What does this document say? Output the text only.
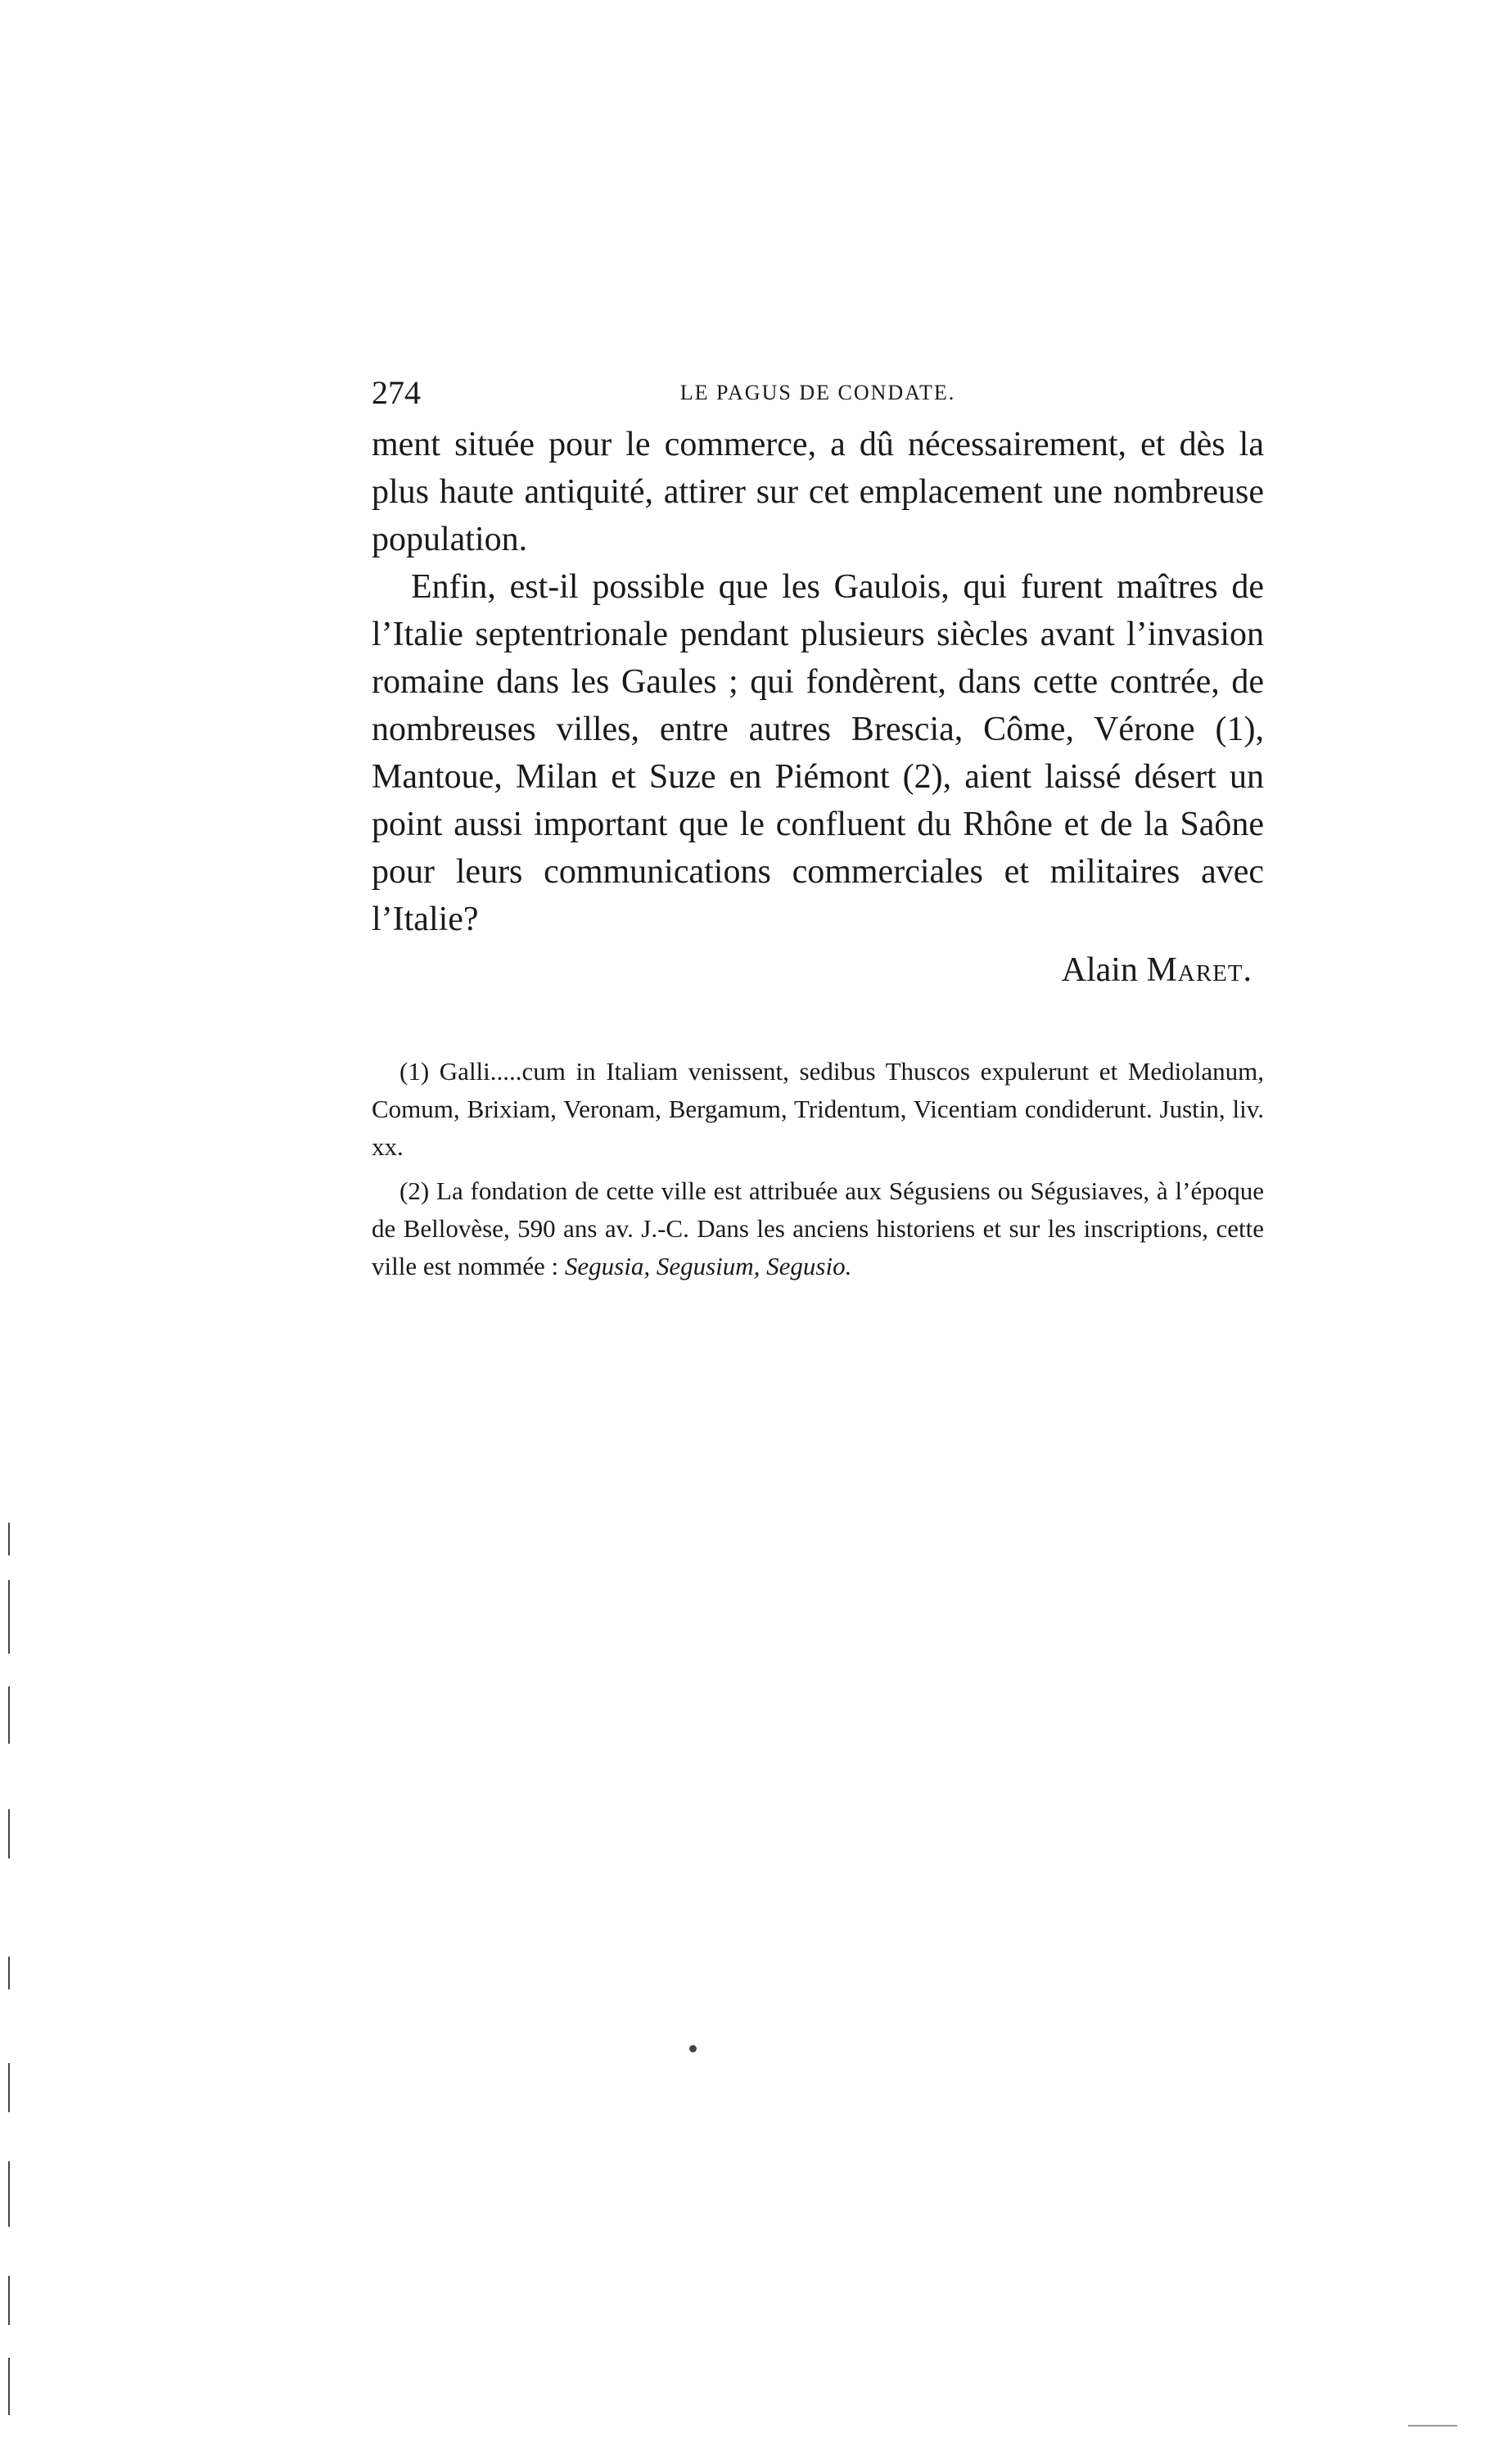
274	LE PAGUS DE CONDATE.

ment située pour le commerce, a dû nécessairement, et dès la plus haute antiquité, attirer sur cet emplacement une nombreuse population.

Enfin, est-il possible que les Gaulois, qui furent maîtres de l’Italie septentrionale pendant plusieurs siècles avant l’invasion romaine dans les Gaules ; qui fondèrent, dans cette contrée, de nombreuses villes, entre autres Brescia, Côme, Vérone (1), Mantoue, Milan et Suze en Piémont (2), aient laissé désert un point aussi important que le confluent du Rhône et de la Saône pour leurs communications commerciales et militaires avec l’Italie?

Alain Maret.

(1) Galli.....cum in Italiam venissent, sedibus Thuscos expulerunt et Mediolanum, Comum, Brixiam, Veronam, Bergamum, Tridentum, Vicentiam condiderunt. Justin, liv. xx.

(2) La fondation de cette ville est attribuée aux Ségusiens ou Ségusiaves, à l’époque de Bellovèse, 590 ans av. J.-C. Dans les anciens historiens et sur les inscriptions, cette ville est nommée : Segusia, Segusium, Segusio.
